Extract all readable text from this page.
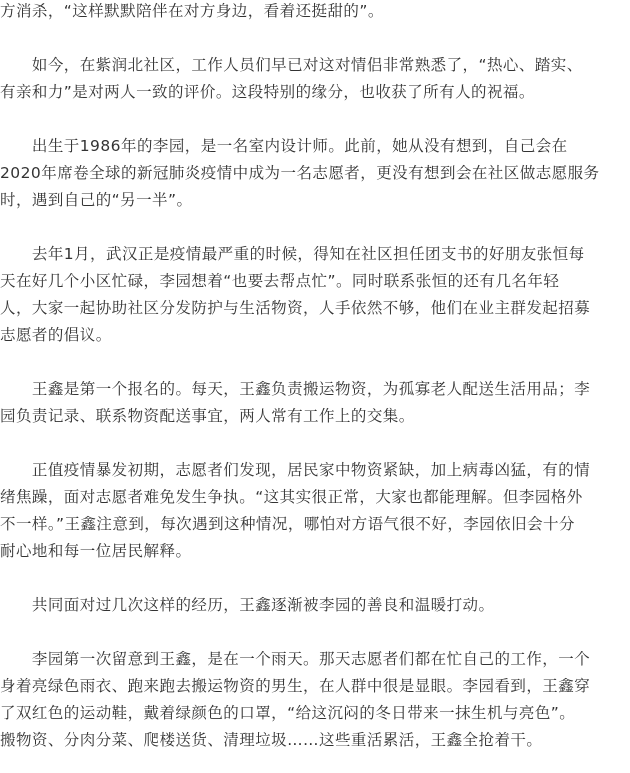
方消杀，“这样默默陪伴在对方身边，看着还挺甜的”。

　　如今，在紫润北社区，工作人员们早已对这对情侣非常熟悉了，“热心、踏实、
有亲和力”是对两人一致的评价。这段特别的缘分，也收获了所有人的祝福。

　　出生于1986年的李园，是一名室内设计师。此前，她从没有想到，自己会在
2020年席卷全球的新冠肺炎疫情中成为一名志愿者，更没有想到会在社区做志愿服务
时，遇到自己的“另一半”。

　　去年1月，武汉正是疫情最严重的时候，得知在社区担任团支书的好朋友张恒每
天在好几个小区忙碌，李园想着“也要去帮点忙”。同时联系张恒的还有几名年轻
人，大家一起协助社区分发防护与生活物资，人手依然不够，他们在业主群发起招募
志愿者的倡议。

　　王鑫是第一个报名的。每天，王鑫负责搬运物资，为孤寡老人配送生活用品；李
园负责记录、联系物资配送事宜，两人常有工作上的交集。

　　正值疫情暴发初期，志愿者们发现，居民家中物资紧缺，加上病毒凶猛，有的情
绪焦躁，面对志愿者难免发生争执。“这其实很正常，大家也都能理解。但李园格外
不一样。”王鑫注意到，每次遇到这种情况，哪怕对方语气很不好，李园依旧会十分
耐心地和每一位居民解释。

　　共同面对过几次这样的经历，王鑫逐渐被李园的善良和温暖打动。

　　李园第一次留意到王鑫，是在一个雨天。那天志愿者们都在忙自己的工作，一个
身着亮绿色雨衣、跑来跑去搬运物资的男生，在人群中很是显眼。李园看到，王鑫穿
了双红色的运动鞋，戴着绿颜色的口罩，“给这沉闷的冬日带来一抹生机与亮色”。
搬物资、分肉分菜、爬楼送货、清理垃圾……这些重活累活，王鑫全抢着干。
